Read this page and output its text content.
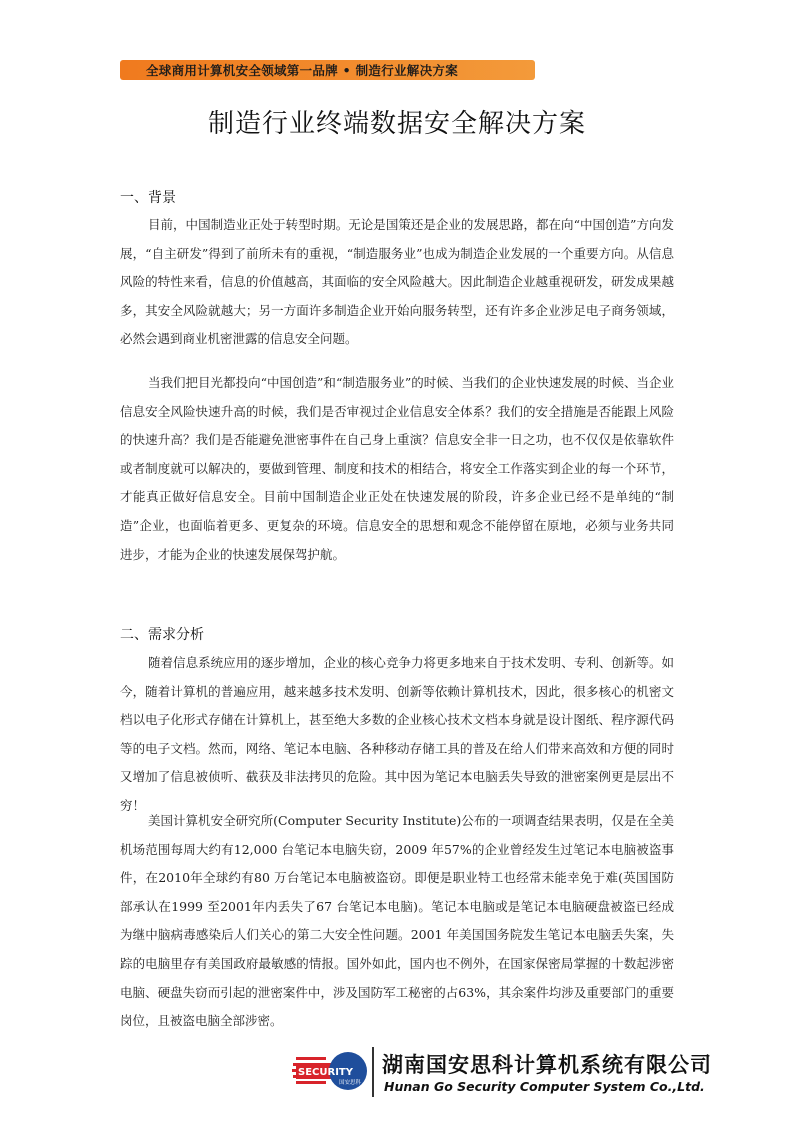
全球商用计算机安全领域第一品牌 • 制造行业解决方案
制造行业终端数据安全解决方案
一、背景

目前，中国制造业正处于转型时期。无论是国策还是企业的发展思路，都在向“中国创造”方向发展，“自主研发”得到了前所未有的重视，“制造服务业”也成为制造企业发展的一个重要方向。从信息风险的特性来看，信息的价值越高，其面临的安全风险越大。因此制造企业越重视研发，研发成果越多，其安全风险就越大；另一方面许多制造企业开始向服务转型，还有许多企业涉足电子商务领域，必然会遇到商业机密泄露的信息安全问题。

当我们把目光都投向“中国创造”和“制造服务业”的时候、当我们的企业快速发展的时候、当企业信息安全风险快速升高的时候，我们是否审视过企业信息安全体系？我们的安全措施是否能跟上风险的快速升高？我们是否能避免泄密事件在自己身上重演？信息安全非一日之功，也不仅仅是依靠软件或者制度就可以解决的，要做到管理、制度和技术的相结合，将安全工作落实到企业的每一个环节，才能真正做好信息安全。目前中国制造企业正处在快速发展的阶段，许多企业已经不是单纯的“制造”企业，也面临着更多、更复杂的环境。信息安全的思想和观念不能停留在原地，必须与业务共同进步，才能为企业的快速发展保驾护航。

二、需求分析

随着信息系统应用的逐步增加，企业的核心竞争力将更多地来自于技术发明、专利、创新等。如今，随着计算机的普遍应用，越来越多技术发明、创新等依赖计算机技术，因此，很多核心的机密文档以电子化形式存储在计算机上，甚至绝大多数的企业核心技术文档本身就是设计图纸、程序源代码等的电子文档。然而，网络、笔记本电脑、各种移动存储工具的普及在给人们带来高效和方便的同时又增加了信息被侦听、截获及非法拷贝的危险。其中因为笔记本电脑丢失导致的泄密案例更是层出不穷！

美国计算机安全研究所(Computer Security Institute)公布的一项调查结果表明，仅是在全美机场范围每周大约有12,000 台笔记本电脑失窃，2009 年57%的企业曾经发生过笔记本电脑被盗事件，在2010年全球约有80 万台笔记本电脑被盗窃。即便是职业特工也经常未能幸免于难(英国国防部承认在1999 至2001年内丢失了67 台笔记本电脑)。笔记本电脑或是笔记本电脑硬盘被盗已经成为继中脑病毒感染后人们关心的第二大安全性问题。2001 年美国国务院发生笔记本电脑丢失案，失踪的电脑里存有美国政府最敏感的情报。国外如此，国内也不例外，在国家保密局掌握的十数起涉密电脑、硬盘失窃而引起的泄密案件中，涉及国防军工秘密的占63%，其余案件均涉及重要部门的重要岗位，且被盗电脑全部涉密。

SECURITY
国安思科
湖南国安思科计算机系统有限公司
Hunan Go Security Computer System Co.,Ltd.
